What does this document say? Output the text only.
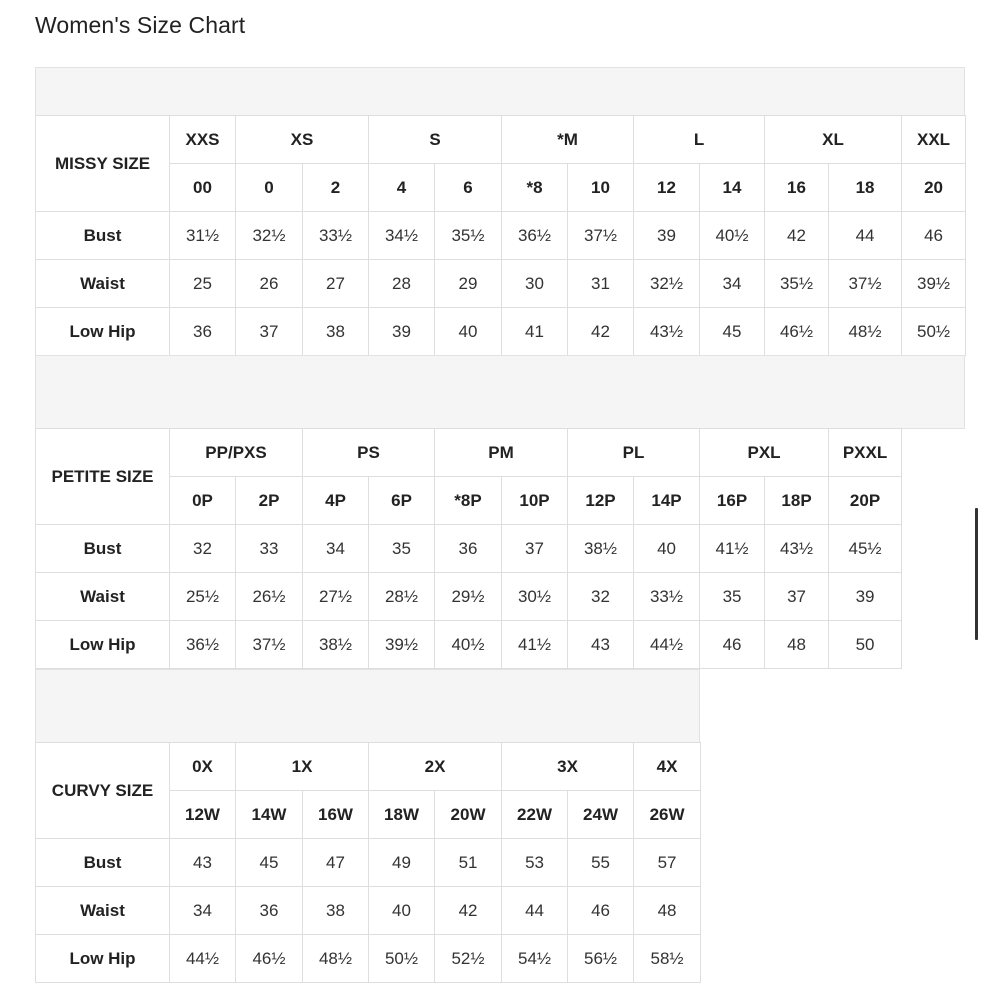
Women's Size Chart
MISSY SIZE	XXS	XS		S		*M		L		XL		XXL
	00	0	2	4	6	*8	10	12	14	16	18	20
Bust	31½	32½	33½	34½	35½	36½	37½	39	40½	42	44	46
Waist	25	26	27	28	29	30	31	32½	34	35½	37½	39½
Low Hip	36	37	38	39	40	41	42	43½	45	46½	48½	50½
PETITE SIZE	PP/PXS		PS		PM		PL		PXL		PXXL
	0P	2P	4P	6P	*8P	10P	12P	14P	16P	18P	20P
Bust	32	33	34	35	36	37	38½	40	41½	43½	45½
Waist	25½	26½	27½	28½	29½	30½	32	33½	35	37	39
Low Hip	36½	37½	38½	39½	40½	41½	43	44½	46	48	50
CURVY SIZE	0X	1X		2X		3X		4X
	12W	14W	16W	18W	20W	22W	24W	26W
Bust	43	45	47	49	51	53	55	57
Waist	34	36	38	40	42	44	46	48
Low Hip	44½	46½	48½	50½	52½	54½	56½	58½
